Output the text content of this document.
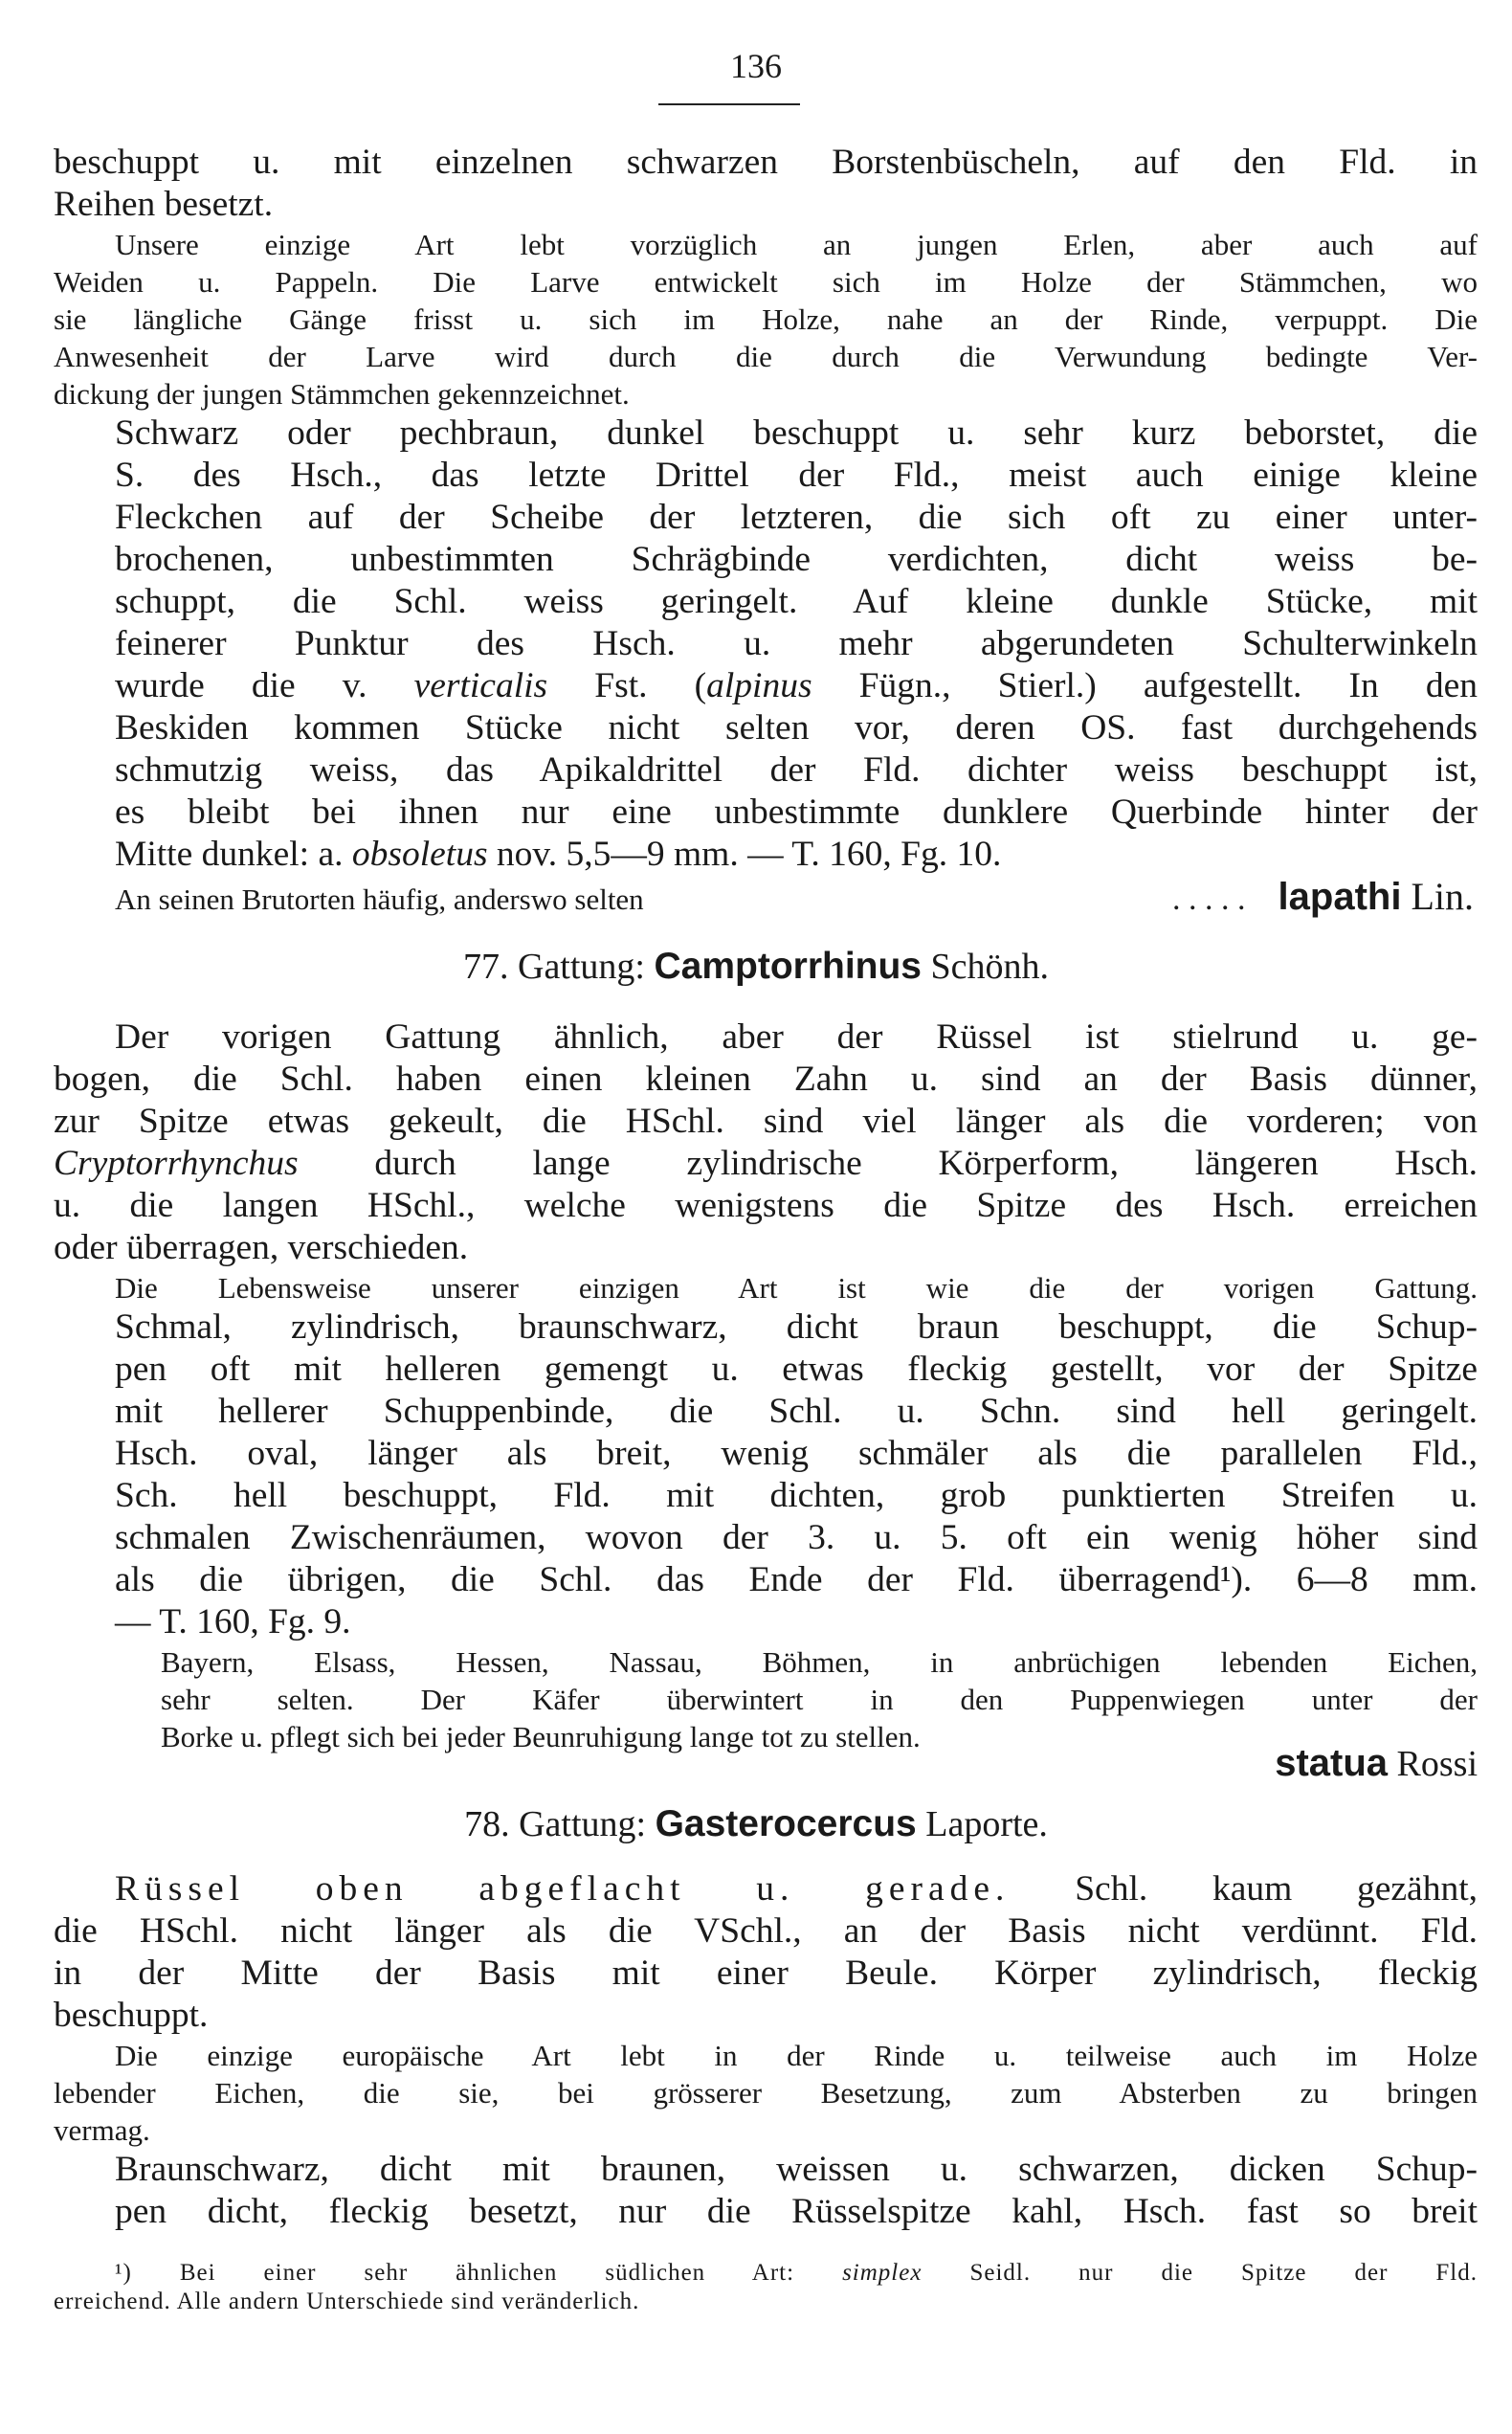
136
beschuppt u. mit einzelnen schwarzen Borstenbüscheln, auf den Fld. in
Reihen besetzt.
Unsere einzige Art lebt vorzüglich an jungen Erlen, aber auch auf
Weiden u. Pappeln. Die Larve entwickelt sich im Holze der Stämmchen, wo
sie längliche Gänge frisst u. sich im Holze, nahe an der Rinde, verpuppt. Die
Anwesenheit der Larve wird durch die durch die Verwundung bedingte Ver-
dickung der jungen Stämmchen gekennzeichnet.
Schwarz oder pechbraun, dunkel beschuppt u. sehr kurz beborstet, die
S. des Hsch., das letzte Drittel der Fld., meist auch einige kleine
Fleckchen auf der Scheibe der letzteren, die sich oft zu einer unter-
brochenen, unbestimmten Schrägbinde verdichten, dicht weiss be-
schuppt, die Schl. weiss geringelt. Auf kleine dunkle Stücke, mit
feinerer Punktur des Hsch. u. mehr abgerundeten Schulterwinkeln
wurde die v. verticalis Fst. (alpinus Fügn., Stierl.) aufgestellt. In den
Beskiden kommen Stücke nicht selten vor, deren OS. fast durchgehends
schmutzig weiss, das Apikaldrittel der Fld. dichter weiss beschuppt ist,
es bleibt bei ihnen nur eine unbestimmte dunklere Querbinde hinter der
Mitte dunkel: a. obsoletus nov. 5,5—9 mm. — T. 160, Fg. 10.
An seinen Brutorten häufig, anderswo selten	. . . . . lapathi Lin.
77. Gattung: Camptorrhinus Schönh.
Der vorigen Gattung ähnlich, aber der Rüssel ist stielrund u. ge-
bogen, die Schl. haben einen kleinen Zahn u. sind an der Basis dünner,
zur Spitze etwas gekeult, die HSchl. sind viel länger als die vorderen; von
Cryptorrhynchus durch lange zylindrische Körperform, längeren Hsch.
u. die langen HSchl., welche wenigstens die Spitze des Hsch. erreichen
oder überragen, verschieden.
Die Lebensweise unserer einzigen Art ist wie die der vorigen Gattung.
Schmal, zylindrisch, braunschwarz, dicht braun beschuppt, die Schup-
pen oft mit helleren gemengt u. etwas fleckig gestellt, vor der Spitze
mit hellerer Schuppenbinde, die Schl. u. Schn. sind hell geringelt.
Hsch. oval, länger als breit, wenig schmäler als die parallelen Fld.,
Sch. hell beschuppt, Fld. mit dichten, grob punktierten Streifen u.
schmalen Zwischenräumen, wovon der 3. u. 5. oft ein wenig höher sind
als die übrigen, die Schl. das Ende der Fld. überragend¹). 6—8 mm.
— T. 160, Fg. 9.
Bayern, Elsass, Hessen, Nassau, Böhmen, in anbrüchigen lebenden Eichen,
sehr selten. Der Käfer überwintert in den Puppenwiegen unter der
Borke u. pflegt sich bei jeder Beunruhigung lange tot zu stellen.
statua Rossi
78. Gattung: Gasterocercus Laporte.
Rüssel oben abgeflacht u. gerade. Schl. kaum gezähnt,
die HSchl. nicht länger als die VSchl., an der Basis nicht verdünnt. Fld.
in der Mitte der Basis mit einer Beule. Körper zylindrisch, fleckig
beschuppt.
Die einzige europäische Art lebt in der Rinde u. teilweise auch im Holze
lebender Eichen, die sie, bei grösserer Besetzung, zum Absterben zu bringen
vermag.
Braunschwarz, dicht mit braunen, weissen u. schwarzen, dicken Schup-
pen dicht, fleckig besetzt, nur die Rüsselspitze kahl, Hsch. fast so breit
¹) Bei einer sehr ähnlichen südlichen Art: simplex Seidl. nur die Spitze der Fld.
erreichend. Alle andern Unterschiede sind veränderlich.
